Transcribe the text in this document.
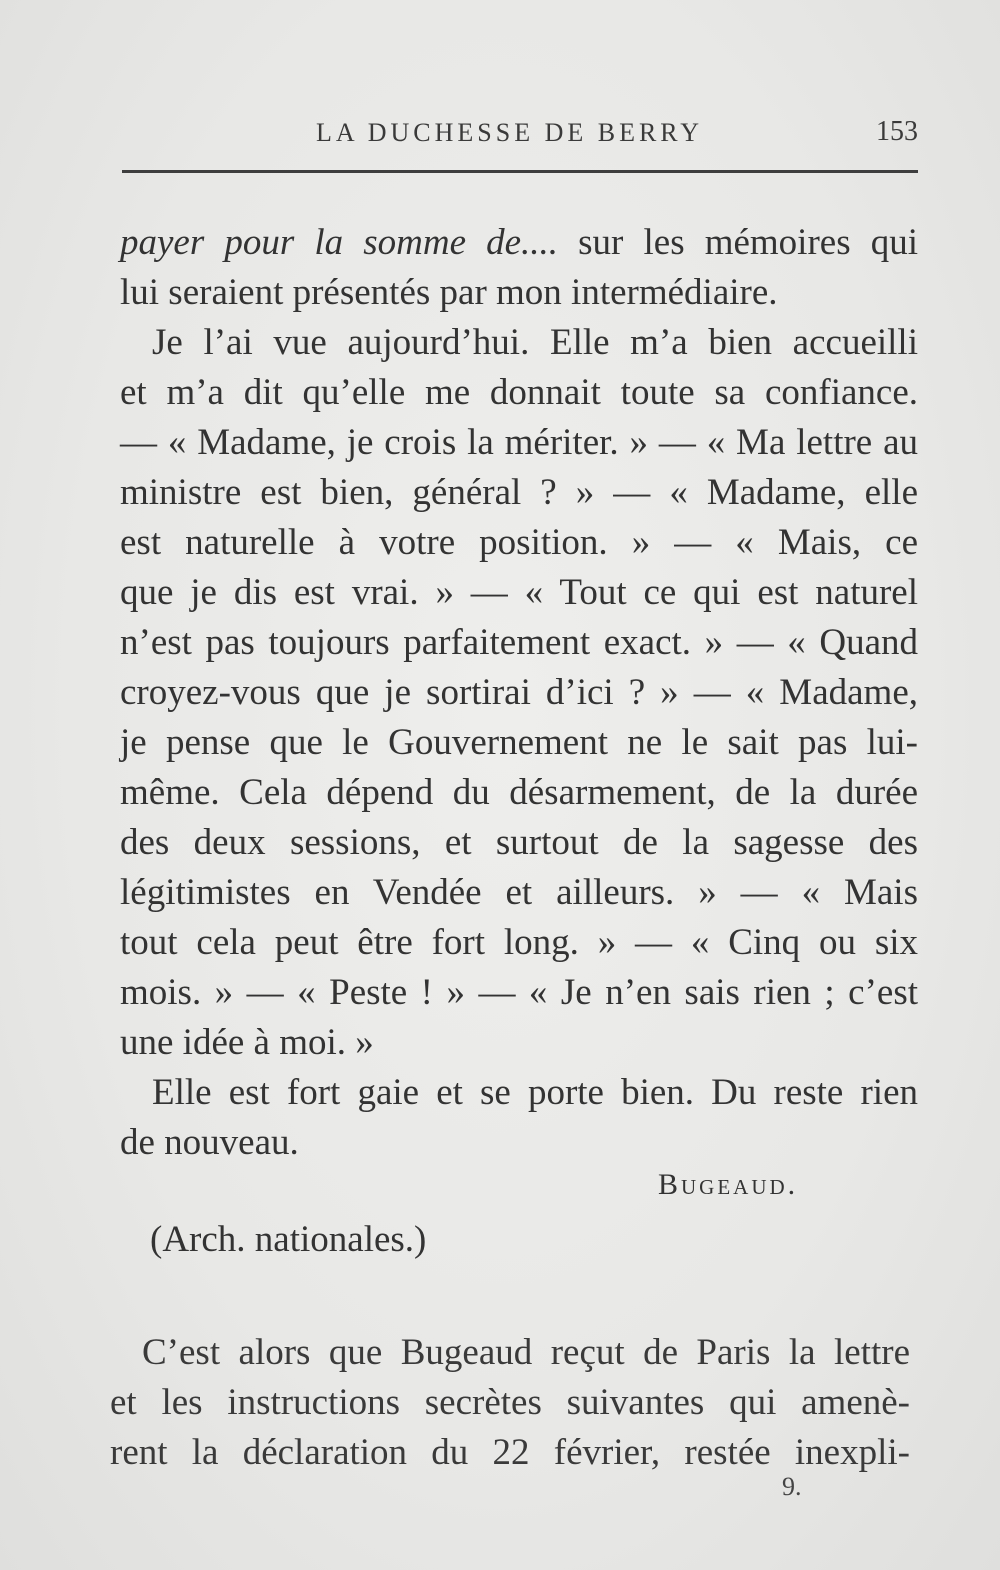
LA DUCHESSE DE BERRY	153
payer pour la somme de.... sur les mémoires qui
lui seraient présentés par mon intermédiaire.
Je l’ai vue aujourd’hui. Elle m’a bien accueilli
et m’a dit qu’elle me donnait toute sa confiance.
— « Madame, je crois la mériter. » — « Ma lettre au
ministre est bien, général ? » — « Madame, elle
est naturelle à votre position. » — « Mais, ce
que je dis est vrai. » — « Tout ce qui est naturel
n’est pas toujours parfaitement exact. » — « Quand
croyez-vous que je sortirai d’ici ? » — « Madame,
je pense que le Gouvernement ne le sait pas lui-
même. Cela dépend du désarmement, de la durée
des deux sessions, et surtout de la sagesse des
légitimistes en Vendée et ailleurs. » — « Mais
tout cela peut être fort long. » — « Cinq ou six
mois. » — « Peste ! » — « Je n’en sais rien ; c’est
une idée à moi. »
Elle est fort gaie et se porte bien. Du reste rien
de nouveau.
Bugeaud.
(Arch. nationales.)
C’est alors que Bugeaud reçut de Paris la lettre
et les instructions secrètes suivantes qui amenè-
rent la déclaration du 22 février, restée inexpli-
9.
